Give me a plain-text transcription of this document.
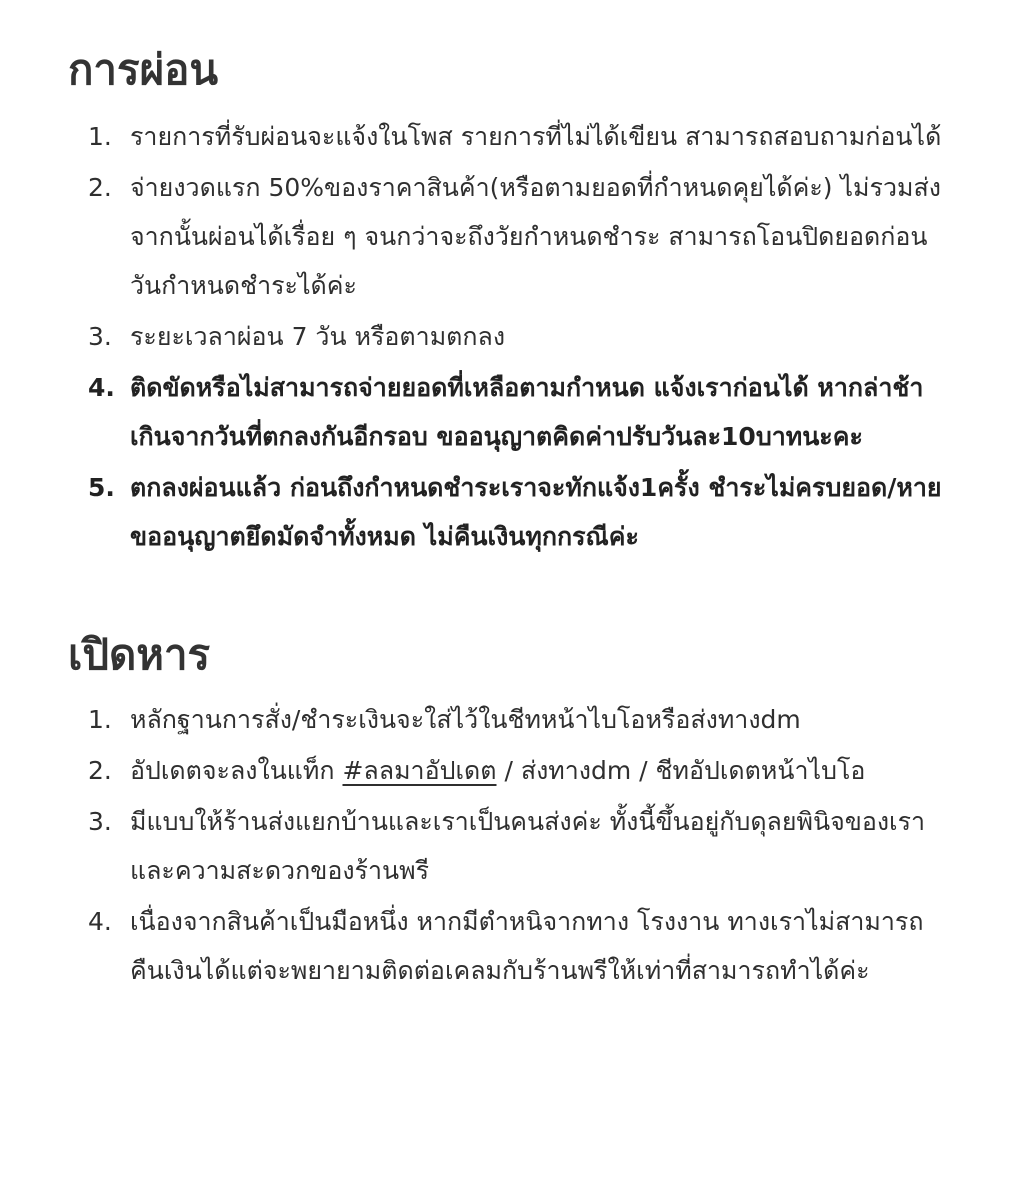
การผ่อน
1. รายการที่รับผ่อนจะแจ้งในโพส รายการที่ไม่ได้เขียน สามารถสอบถามก่อนได้
2. จ่ายงวดแรก 50%ของราคาสินค้า(หรือตามยอดที่กำหนดคุยได้ค่ะ) ไม่รวมส่ง จากนั้นผ่อนได้เรื่อย ๆ จนกว่าจะถึงวัยกำหนดชำระ สามารถโอนปิดยอดก่อนวันกำหนดชำระได้ค่ะ
3. ระยะเวลาผ่อน 7 วัน หรือตามตกลง
4. ติดขัดหรือไม่สามารถจ่ายยอดที่เหลือตามกำหนด แจ้งเราก่อนได้ หากล่าช้าเกินจากวันที่ตกลงกันอีกรอบ ขออนุญาตคิดค่าปรับวันละ10บาทนะคะ
5. ตกลงผ่อนแล้ว ก่อนถึงกำหนดชำระเราจะทักแจ้ง1ครั้ง ชำระไม่ครบยอด/หาย ขออนุญาตยึดมัดจำทั้งหมด ไม่คืนเงินทุกกรณีค่ะ
เปิดหาร
1. หลักฐานการสั่ง/ชำระเงินจะใส่ไว้ในชีทหน้าไบโอหรือส่งทางdm
2. อัปเดตจะลงในแท็ก #ลลมาอัปเดต / ส่งทางdm / ชีทอัปเดตหน้าไบโอ
3. มีแบบให้ร้านส่งแยกบ้านและเราเป็นคนส่งค่ะ ทั้งนี้ขึ้นอยู่กับดุลยพินิจของเราและความสะดวกของร้านพรี
4. เนื่องจากสินค้าเป็นมือหนึ่ง หากมีตำหนิจากทาง โรงงาน ทางเราไม่สามารถคืนเงินได้แต่จะพยายามติดต่อเคลมกับร้านพรีให้เท่าที่สามารถทำได้ค่ะ
